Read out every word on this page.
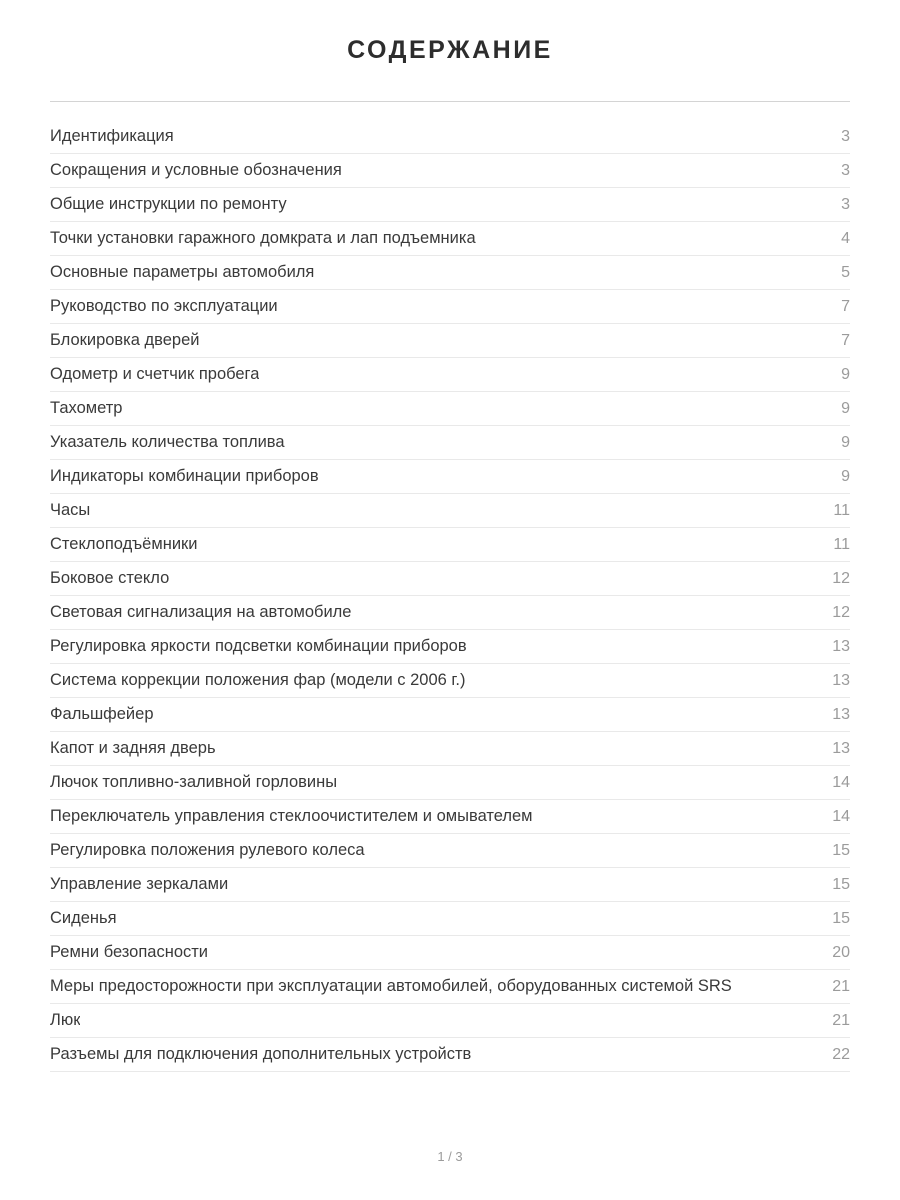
СОДЕРЖАНИЕ
Идентификация	3
Сокращения и условные обозначения	3
Общие инструкции по ремонту	3
Точки установки гаражного домкрата и лап подъемника	4
Основные параметры автомобиля	5
Руководство по эксплуатации	7
Блокировка дверей	7
Одометр и счетчик пробега	9
Тахометр	9
Указатель количества топлива	9
Индикаторы комбинации приборов	9
Часы	11
Стеклоподъёмники	11
Боковое стекло	12
Световая сигнализация на автомобиле	12
Регулировка яркости подсветки комбинации приборов	13
Система коррекции положения фар (модели с 2006 г.)	13
Фальшфейер	13
Капот и задняя дверь	13
Лючок топливно-заливной горловины	14
Переключатель управления стеклоочистителем и омывателем	14
Регулировка положения рулевого колеса	15
Управление зеркалами	15
Сиденья	15
Ремни безопасности	20
Меры предосторожности при эксплуатации автомобилей, оборудованных системой SRS	21
Люк	21
Разъемы для подключения дополнительных устройств	22
1 / 3
